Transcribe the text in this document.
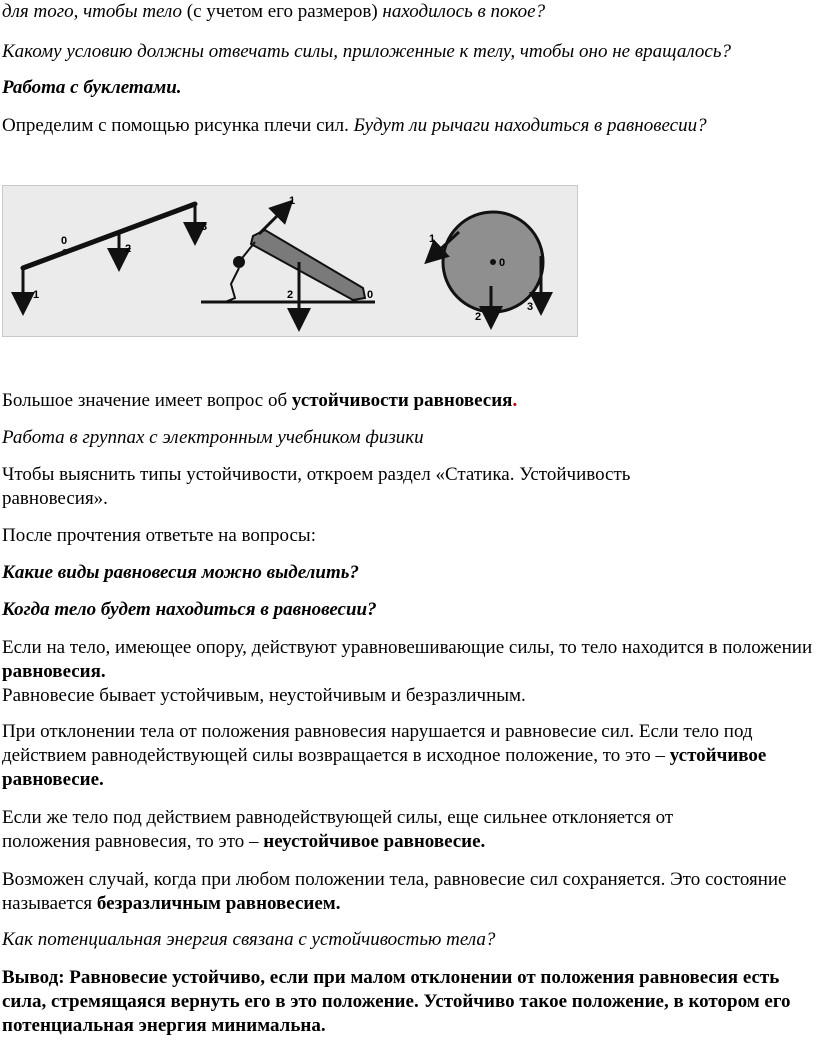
для того, чтобы тело (с учетом его размеров) находилось в покое?

Какому условию должны отвечать силы, приложенные к телу, чтобы оно не вращалось?

Работа с буклетами.

Определим с помощью рисунка плечи сил. Будут ли рычаги находиться в равновесии?

0
1
2
3
1
2	0
1
0
2
3

Большое значение имеет вопрос об устойчивости равновесия.

Работа в группах с электронным учебником физики

Чтобы выяснить типы устойчивости, откроем раздел «Статика. Устойчивость равновесия».

После прочтения ответьте на вопросы:

Какие виды равновесия можно выделить?

Когда тело будет находиться в равновесии?

Если на тело, имеющее опору, действуют уравновешивающие силы, то тело находится в положении равновесия.
Равновесие бывает устойчивым, неустойчивым и безразличным.

При отклонении тела от положения равновесия нарушается и равновесие сил. Если тело под действием равнодействующей силы возвращается в исходное положение, то это – устойчивое равновесие.

Если же тело под действием равнодействующей силы, еще сильнее отклоняется от положения равновесия, то это – неустойчивое равновесие.

Возможен случай, когда при любом положении тела, равновесие сил сохраняется. Это состояние называется безразличным равновесием.

Как потенциальная энергия связана с устойчивостью тела?

Вывод: Равновесие устойчиво, если при малом отклонении от положения равновесия есть сила, стремящаяся вернуть его в это положение. Устойчиво такое положение, в котором его потенциальная энергия минимальна.
